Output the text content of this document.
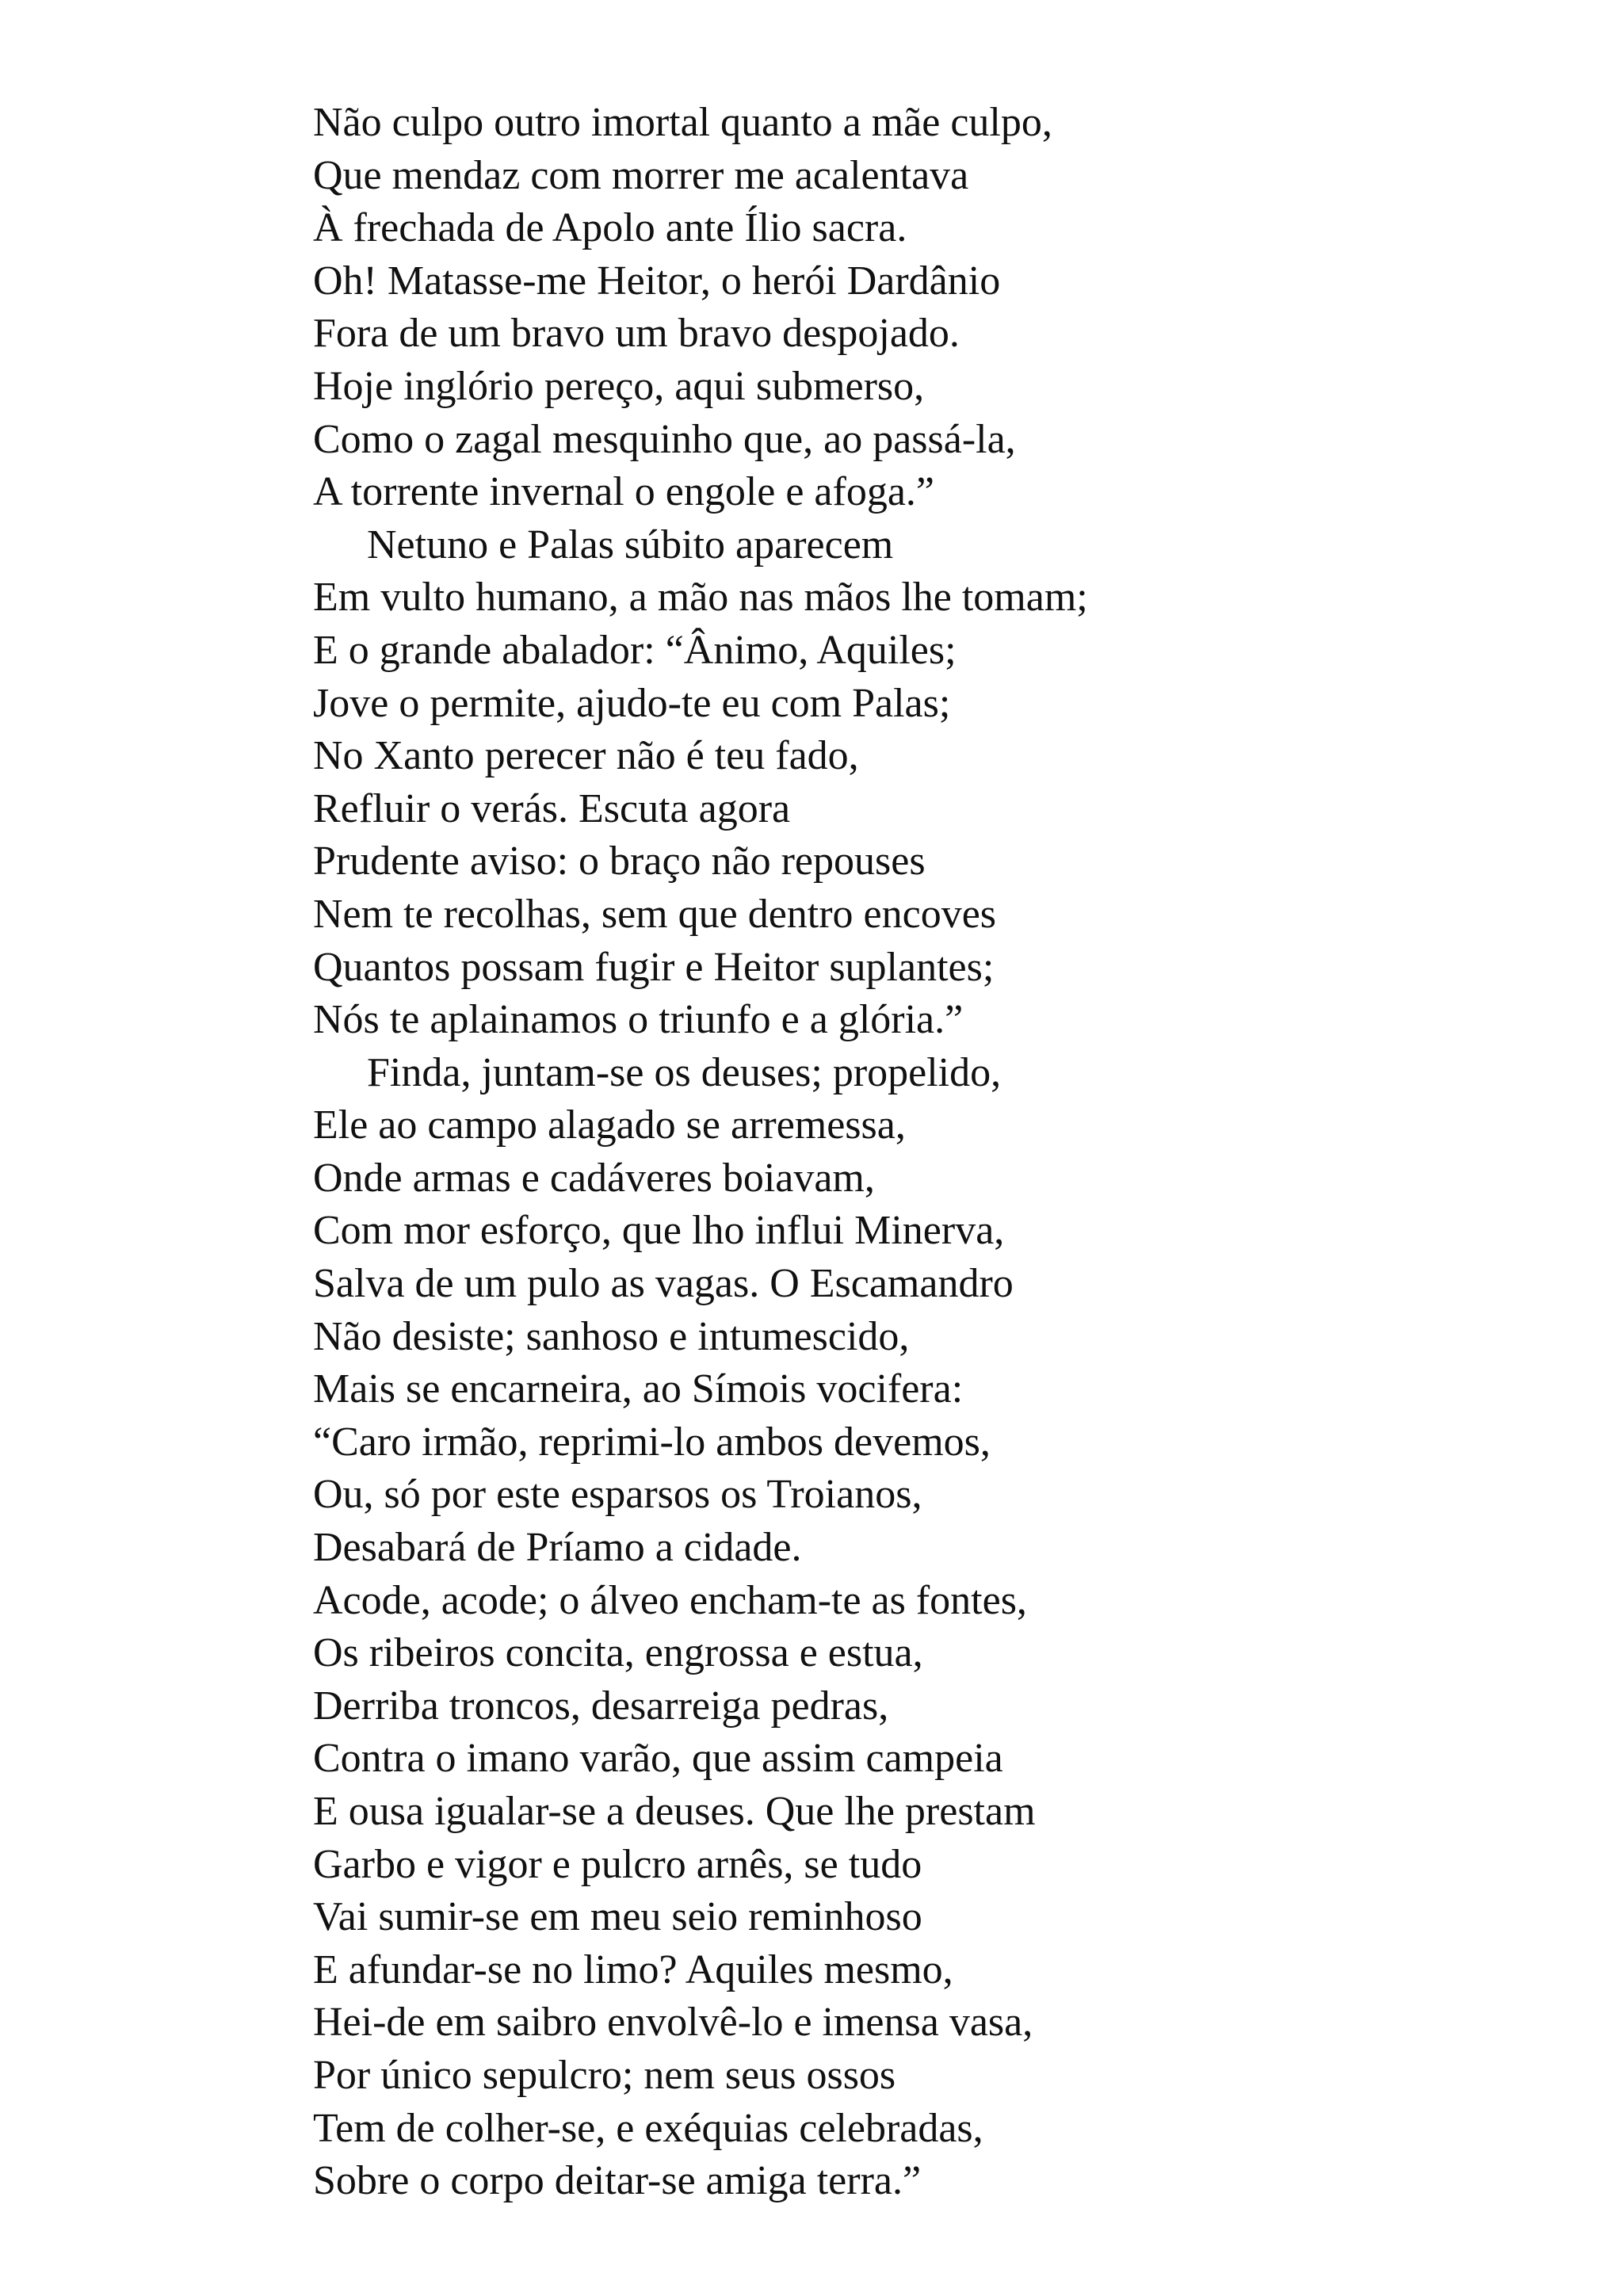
Não culpo outro imortal quanto a mãe culpo,
Que mendaz com morrer me acalentava
À frechada de Apolo ante Ílio sacra.
Oh! Matasse-me Heitor, o herói Dardânio
Fora de um bravo um bravo despojado.
Hoje inglório pereço, aqui submerso,
Como o zagal mesquinho que, ao passá-la,
A torrente invernal o engole e afoga.”
Netuno e Palas súbito aparecem
Em vulto humano, a mão nas mãos lhe tomam;
E o grande abalador: “Ânimo, Aquiles;
Jove o permite, ajudo-te eu com Palas;
No Xanto perecer não é teu fado,
Refluir o verás. Escuta agora
Prudente aviso: o braço não repouses
Nem te recolhas, sem que dentro encoves
Quantos possam fugir e Heitor suplantes;
Nós te aplainamos o triunfo e a glória.”
Finda, juntam-se os deuses; propelido,
Ele ao campo alagado se arremessa,
Onde armas e cadáveres boiavam,
Com mor esforço, que lho influi Minerva,
Salva de um pulo as vagas. O Escamandro
Não desiste; sanhoso e intumescido,
Mais se encarneira, ao Símois vocifera:
“Caro irmão, reprimi-lo ambos devemos,
Ou, só por este esparsos os Troianos,
Desabará de Príamo a cidade.
Acode, acode; o álveo encham-te as fontes,
Os ribeiros concita, engrossa e estua,
Derriba troncos, desarreiga pedras,
Contra o imano varão, que assim campeia
E ousa igualar-se a deuses. Que lhe prestam
Garbo e vigor e pulcro arnês, se tudo
Vai sumir-se em meu seio reminhoso
E afundar-se no limo? Aquiles mesmo,
Hei-de em saibro envolvê-lo e imensa vasa,
Por único sepulcro; nem seus ossos
Tem de colher-se, e exéquias celebradas,
Sobre o corpo deitar-se amiga terra.”
